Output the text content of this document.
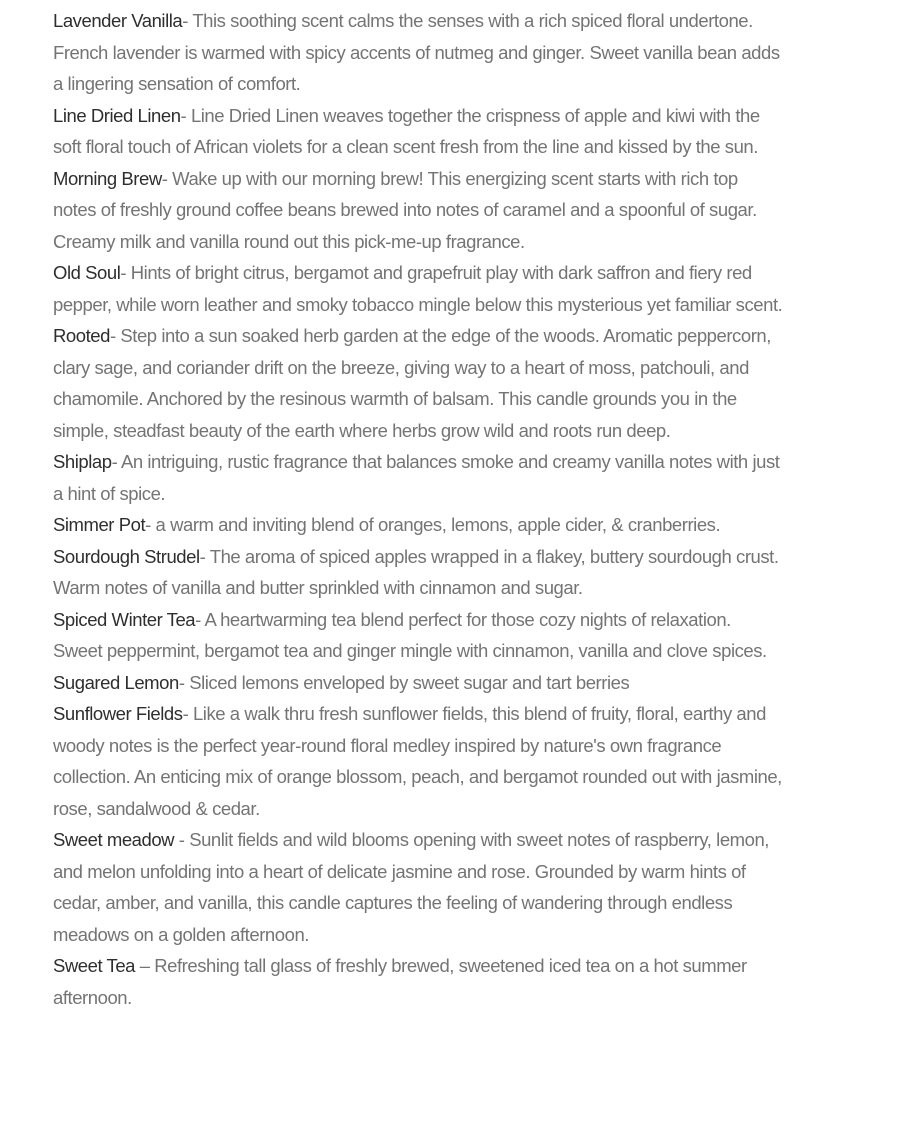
Lavender Vanilla- This soothing scent calms the senses with a rich spiced floral undertone. French lavender is warmed with spicy accents of nutmeg and ginger. Sweet vanilla bean adds a lingering sensation of comfort.

Line Dried Linen- Line Dried Linen weaves together the crispness of apple and kiwi with the soft floral touch of African violets for a clean scent fresh from the line and kissed by the sun.

Morning Brew- Wake up with our morning brew! This energizing scent starts with rich top notes of freshly ground coffee beans brewed into notes of caramel and a spoonful of sugar. Creamy milk and vanilla round out this pick-me-up fragrance.

Old Soul- Hints of bright citrus, bergamot and grapefruit play with dark saffron and fiery red pepper, while worn leather and smoky tobacco mingle below this mysterious yet familiar scent.

Rooted- Step into a sun soaked herb garden at the edge of the woods. Aromatic peppercorn, clary sage, and coriander drift on the breeze, giving way to a heart of moss, patchouli, and chamomile. Anchored by the resinous warmth of balsam. This candle grounds you in the simple, steadfast beauty of the earth where herbs grow wild and roots run deep.

Shiplap- An intriguing, rustic fragrance that balances smoke and creamy vanilla notes with just a hint of spice.

Simmer Pot- a warm and inviting blend of oranges, lemons, apple cider, & cranberries.

Sourdough Strudel- The aroma of spiced apples wrapped in a flakey, buttery sourdough crust. Warm notes of vanilla and butter sprinkled with cinnamon and sugar.

Spiced Winter Tea- A heartwarming tea blend perfect for those cozy nights of relaxation. Sweet peppermint, bergamot tea and ginger mingle with cinnamon, vanilla and clove spices.

Sugared Lemon- Sliced lemons enveloped by sweet sugar and tart berries

Sunflower Fields- Like a walk thru fresh sunflower fields, this blend of fruity, floral, earthy and woody notes is the perfect year-round floral medley inspired by nature's own fragrance collection. An enticing mix of orange blossom, peach, and bergamot rounded out with jasmine, rose, sandalwood & cedar.

Sweet meadow - Sunlit fields and wild blooms opening with sweet notes of raspberry, lemon, and melon unfolding into a heart of delicate jasmine and rose. Grounded by warm hints of cedar, amber, and vanilla, this candle captures the feeling of wandering through endless meadows on a golden afternoon.

Sweet Tea – Refreshing tall glass of freshly brewed, sweetened iced tea on a hot summer afternoon.
